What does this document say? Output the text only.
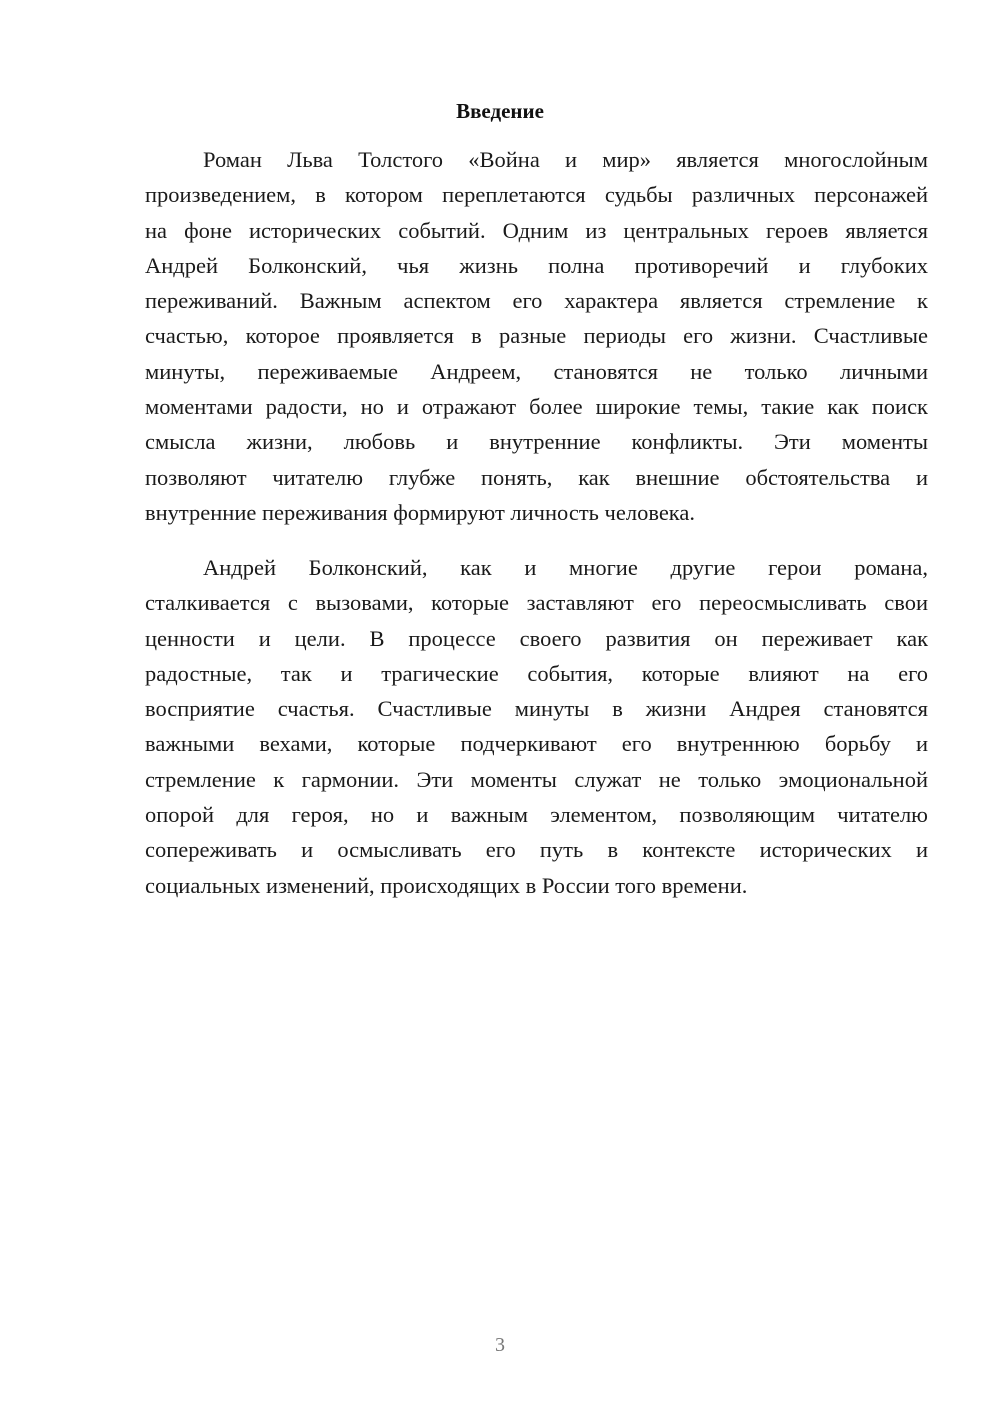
Введение
Роман Льва Толстого «Война и мир» является многослойным
произведением, в котором переплетаются судьбы различных персонажей
на фоне исторических событий. Одним из центральных героев является
Андрей Болконский, чья жизнь полна противоречий и глубоких
переживаний. Важным аспектом его характера является стремление к
счастью, которое проявляется в разные периоды его жизни. Счастливые
минуты, переживаемые Андреем, становятся не только личными
моментами радости, но и отражают более широкие темы, такие как поиск
смысла жизни, любовь и внутренние конфликты. Эти моменты
позволяют читателю глубже понять, как внешние обстоятельства и
внутренние переживания формируют личность человека.
Андрей Болконский, как и многие другие герои романа,
сталкивается с вызовами, которые заставляют его переосмысливать свои
ценности и цели. В процессе своего развития он переживает как
радостные, так и трагические события, которые влияют на его
восприятие счастья. Счастливые минуты в жизни Андрея становятся
важными вехами, которые подчеркивают его внутреннюю борьбу и
стремление к гармонии. Эти моменты служат не только эмоциональной
опорой для героя, но и важным элементом, позволяющим читателю
сопереживать и осмысливать его путь в контексте исторических и
социальных изменений, происходящих в России того времени.
3
